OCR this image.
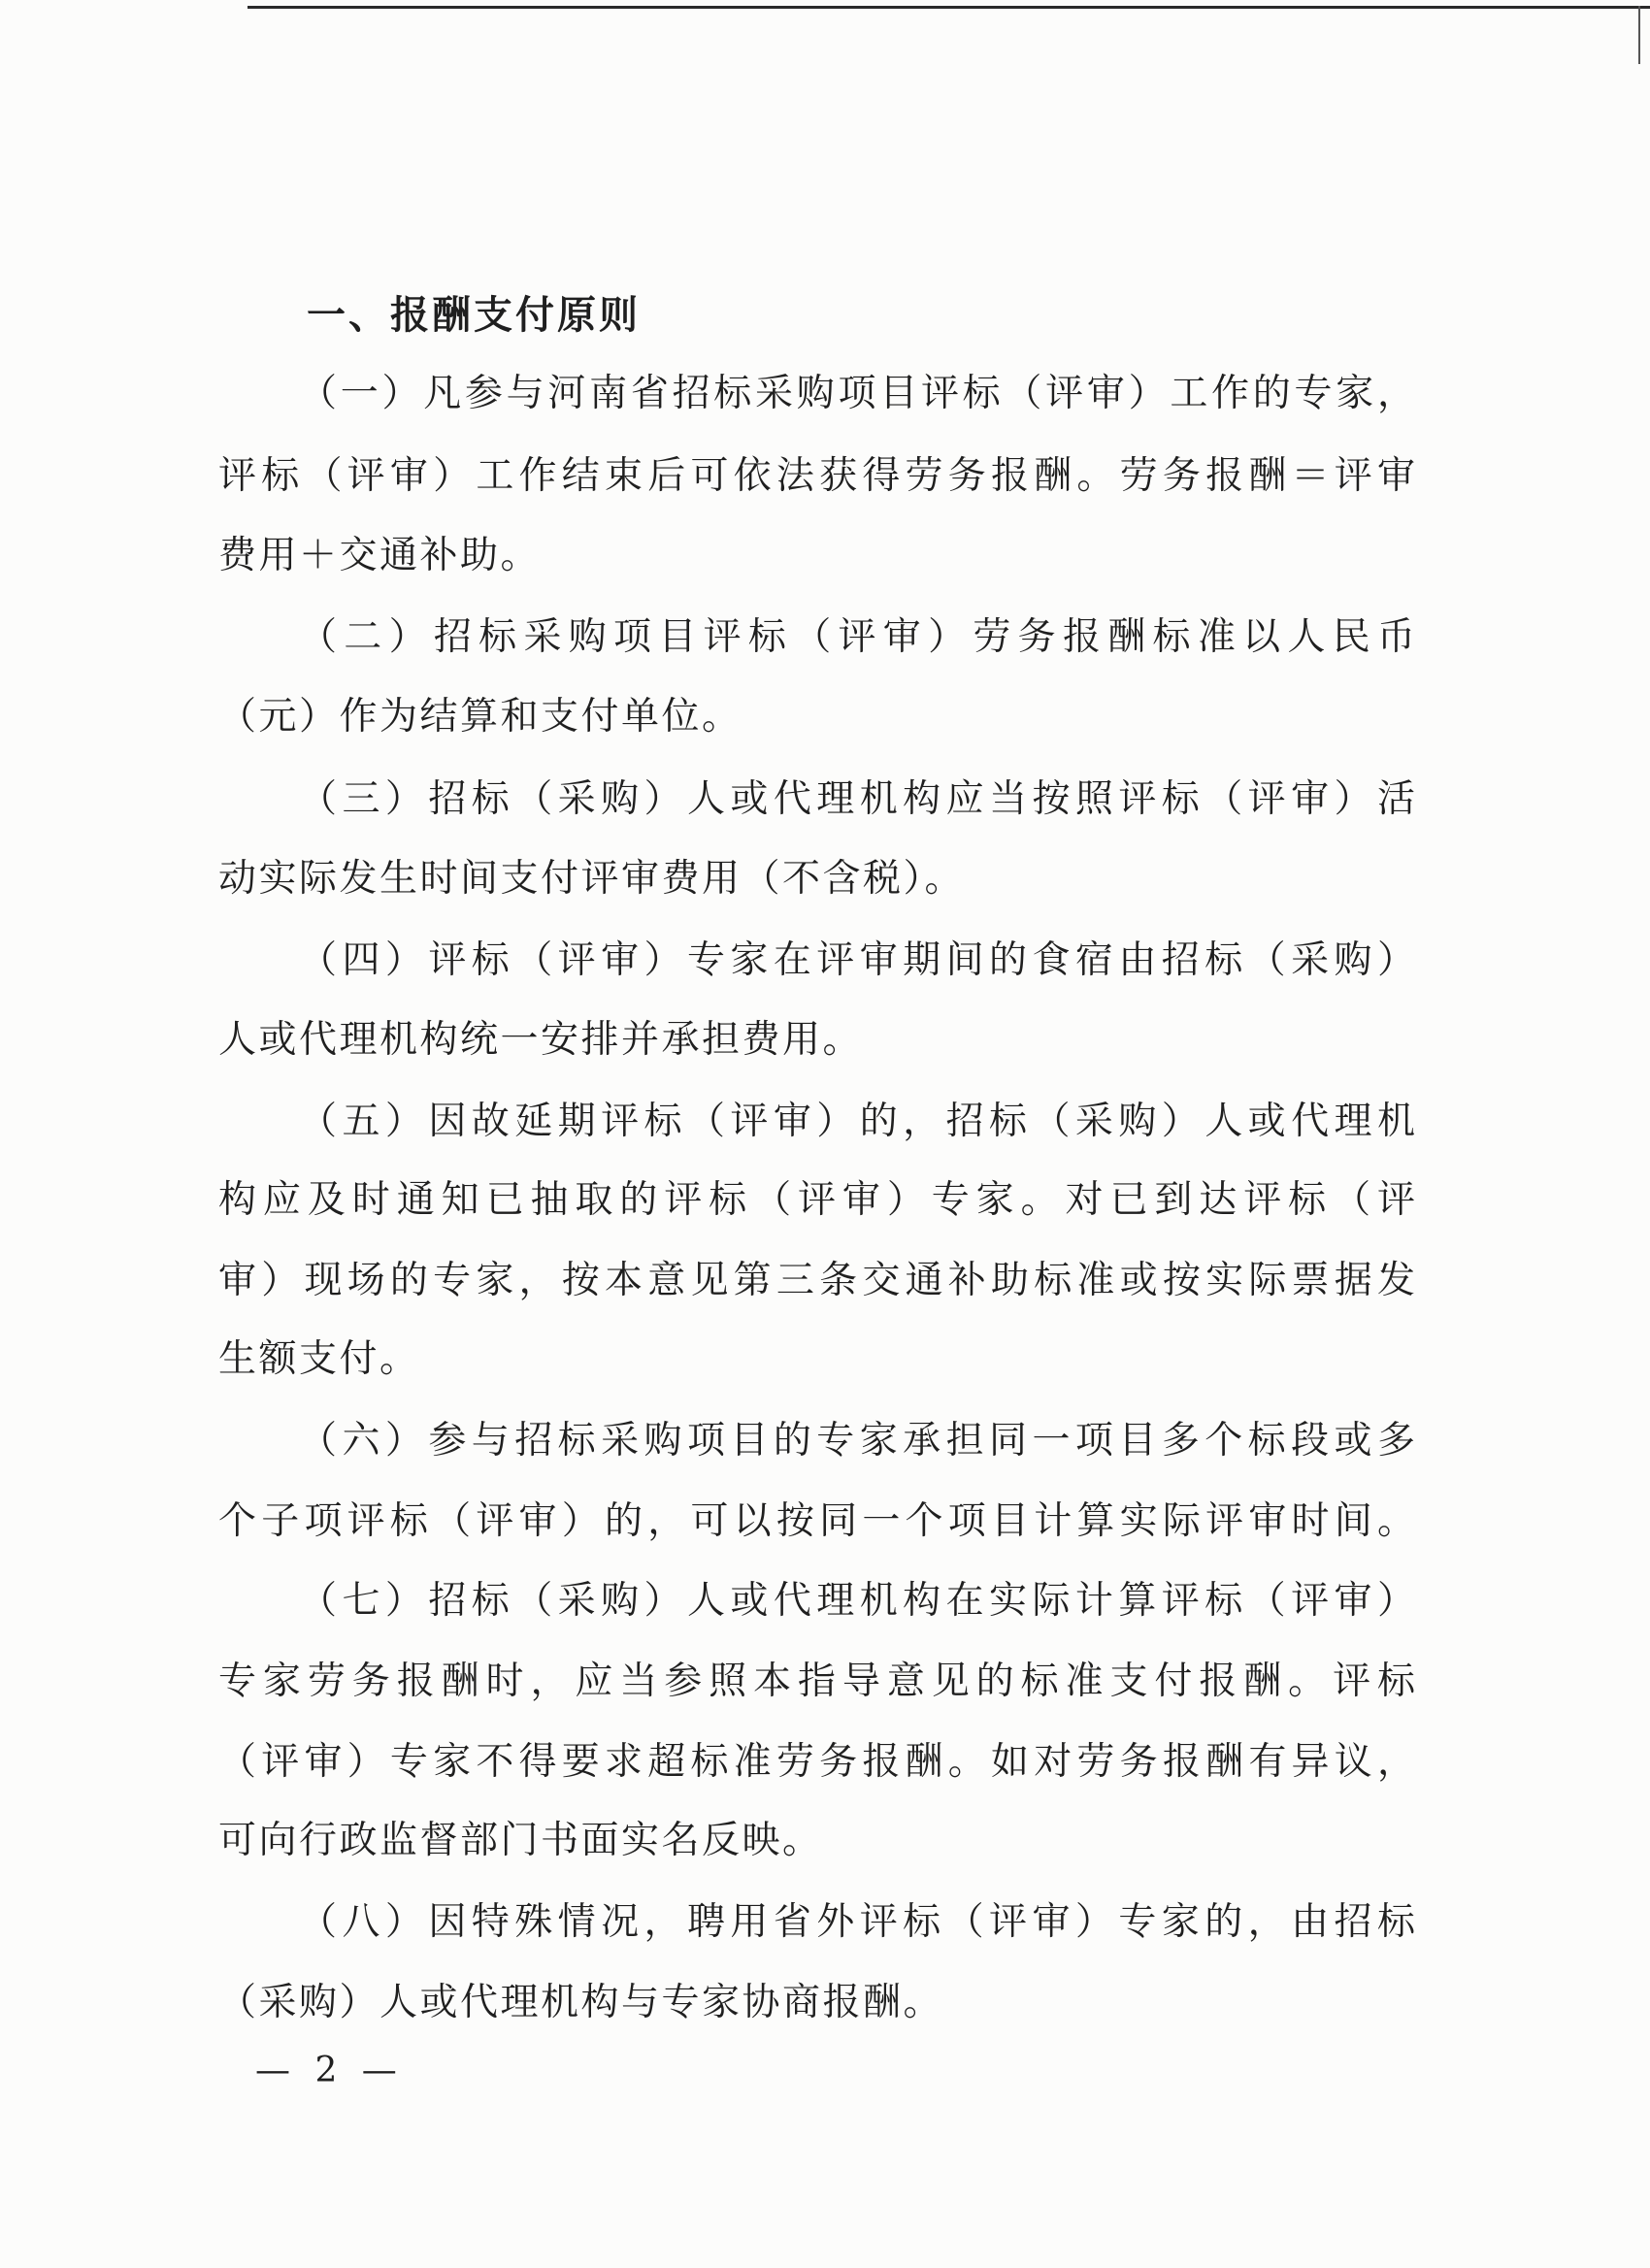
一、报酬支付原则
（一）凡参与河南省招标采购项目评标（评审）工作的专家，
评标（评审）工作结束后可依法获得劳务报酬。劳务报酬＝评审
费用＋交通补助。
（二）招标采购项目评标（评审）劳务报酬标准以人民币
（元）作为结算和支付单位。
（三）招标（采购）人或代理机构应当按照评标（评审）活
动实际发生时间支付评审费用（不含税）。
（四）评标（评审）专家在评审期间的食宿由招标（采购）
人或代理机构统一安排并承担费用。
（五）因故延期评标（评审）的，招标（采购）人或代理机
构应及时通知已抽取的评标（评审）专家。对已到达评标（评
审）现场的专家，按本意见第三条交通补助标准或按实际票据发
生额支付。
（六）参与招标采购项目的专家承担同一项目多个标段或多
个子项评标（评审）的，可以按同一个项目计算实际评审时间。
（七）招标（采购）人或代理机构在实际计算评标（评审）
专家劳务报酬时，应当参照本指导意见的标准支付报酬。评标
（评审）专家不得要求超标准劳务报酬。如对劳务报酬有异议，
可向行政监督部门书面实名反映。
（八）因特殊情况，聘用省外评标（评审）专家的，由招标
（采购）人或代理机构与专家协商报酬。
— 2 —
